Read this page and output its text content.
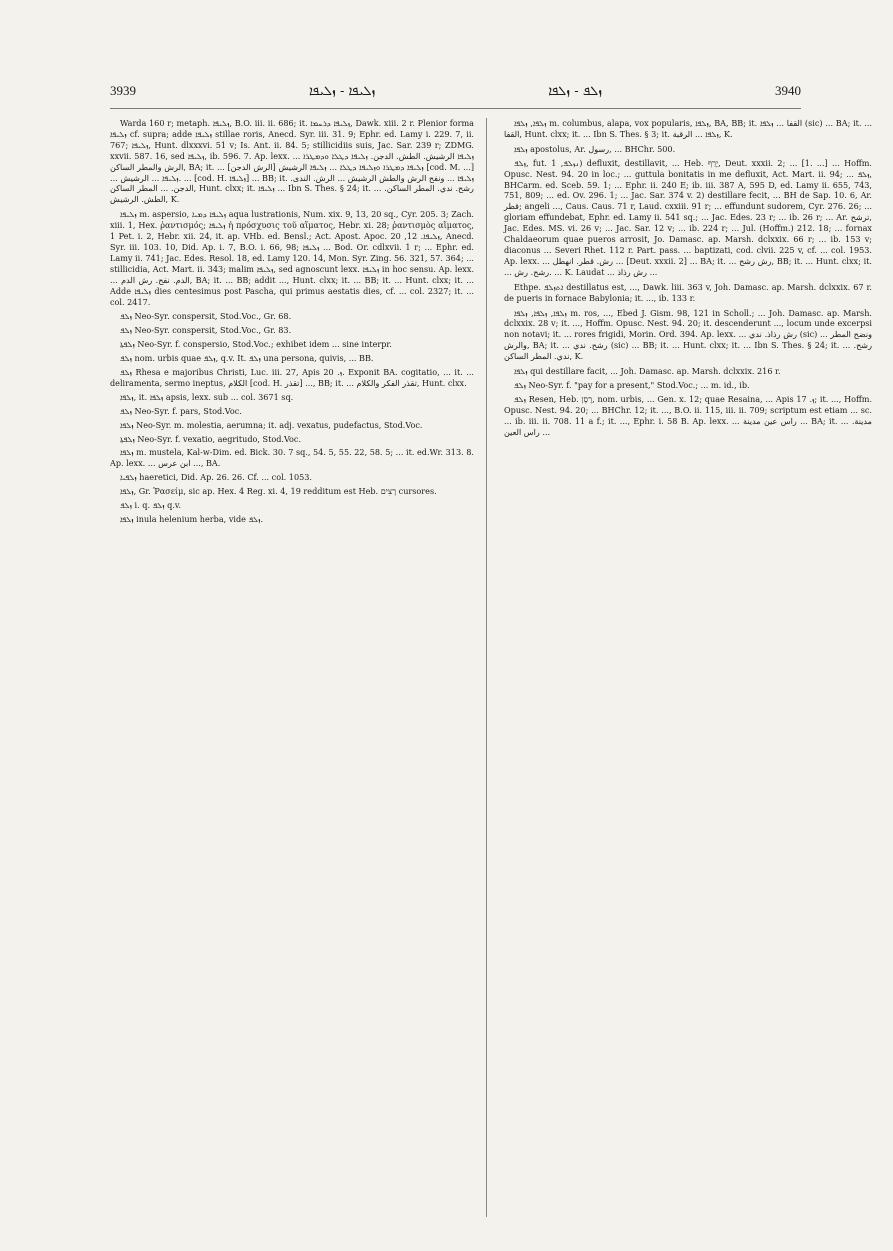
3939	ܙܠܝܦܐ - ܙܠܝܦܐ	ܙܠܦ - ܙܠܦܐ	3940

Warda 160 r; metaph. ܙܠܝܦܐ, B.O. iii. ii. 686; it. ܙܠܝܦܐ ܕܪܚܡܐ, Dawk. xiii. 2 r. Plenior forma ܙܠܝܦܐ cf. supra; adde ܙܠܝܦܐ stillae roris, Anecd. Syr. iii. 31. 9; Ephr. ed. Lamy i. 229. 7, ii. 767; ܙܠܝܦܐ, Hunt. dlxxxvi. 51 v; Is. Ant. ii. 84. 5; stillicidiis suis, Jac. Sar. 239 r; ZDMG. xxvii. 587. 16, sed ܙܠܝܦܐ, ib. 596. 7. Ap. lexx. ܙܠܝܦܐ الرشيش. الطش. الدجن. ܙܠܝܦܐ ܕܛܠܐ ܘܕܡܛܪܐ ... الرش والمطر الساكن, BA; it. ... ܙܠܝܦܐ ܕܡܛܪܐ ܘܙܠܝܦܐ ܕܛܠܐ ... ܙܠܝܦܐ الرشيش [الرش الدجن] [cod. M. ...] ... ܙܠܝܦܐ ... الرشيش. ... [cod. H. ܙܠܝܦܐ] ... BB; it. ܙܠܝܦܐ ... ونفح الرش والطش الرشيش ... الرش. الندى. الدجن. ... المطر الساكن, Hunt. clxx; it. ܙܠܝܦܐ ... Ibn S. Thes. § 24; it. ... رشح. ندي. المطر الساكن. الطش. الرشيش, K.

ܙܠܝܦܐ m. aspersio, ܙܠܝܦܐ ܕܡܝܐ aqua lustrationis, Num. xix. 9, 13, 20 sq., Cyr. 205. 3; Zach. xiii. 1, Hex. ῥαντισμός; ܙܠܝܦܐ ἡ πρόσχυσις τοῦ αἵματος, Hebr. xi. 28; ῥαντισμὸς αἵματος, 1 Pet. i. 2, Hebr. xii. 24, it. ap. VHb. ed. Bensl.; Act. Apost. Apoc. ܙܠܝܦܐ. 12, 20, Anecd. Syr. iii. 103. 10, Did. Ap. i. 7, B.O. i. 66, 98; ܙܠܝܦܐ ... Bod. Or. cdlxvii. 1 r; ... Ephr. ed. Lamy ii. 741; Jac. Edes. Resol. 18, ed. Lamy 120. 14, Mon. Syr. Zing. 56. 321, 57. 364; ... stillicidia, Act. Mart. ii. 343; malim ܙܠܝܦܐ, sed agnoscunt lexx. ܙܠܝܦܐ in hoc sensu. Ap. lexx. ... الدم. نفح. رش الدم, BA; it. ... BB; addit ..., Hunt. clxx; it. ... BB; it. ... Hunt. clxx; it. ... Adde ܙܠܝܦܐ dies centesimus post Pascha, qui primus aestatis dies, cf. ... col. 2327; it. ... col. 2417.

ܙܠܦ Neo-Syr. conspersit, Stod.Voc., Gr. 68.

ܙܠܦ Neo-Syr. conspersit, Stod.Voc., Gr. 83.

ܙܠܦܬܐ Neo-Syr. f. conspersio, Stod.Voc.; exhibet idem ... sine interpr.

ܙܠܦ nom. urbis quae ܙܠܦ, q.v. It. ܙܠܦ una persona, quivis, ... BB.

ܙܠܦ Rhesa e majoribus Christi, Luc. iii. 27, Apis ܙ. 20. Exponit BA. cogitatio, ... it. ... deliramenta, sermo ineptus, الكلام [cod. H. تقذر] ..., BB; it. ... تقذر الفكر والكلام, Hunt. clxx.

ܙܠܦܐ, it. ܙܠܦܐ apsis, lexx. sub ... col. 3671 sq.

ܙܠܦ Neo-Syr. f. pars, Stod.Voc.

ܙܠܦܐ Neo-Syr. m. molestia, aerumna; it. adj. vexatus, pudefactus, Stod.Voc.

ܙܠܦܬܐ Neo-Syr. f. vexatio, aegritudo, Stod.Voc.

ܙܠܦܐ m. mustela, Kal-w-Dim. ed. Bick. 30. 7 sq., 54. 5, 55. 22, 58. 5; ... it. ed.Wr. 313. 8. Ap. lexx. ... ابن عرس ..., BA.

ܙܠܦܝܐ haeretici, Did. Ap. 26. 26. Cf. ... col. 1053.

ܙܠܦܐ, Gr. Ῥασείμ, sic ap. Hex. 4 Reg. xi. 4, 19 redditum est Heb. רָצִים cursores.

ܙܠܦ i. q. ܙܠܦ q.v.

ܙܠܦܐ inula helenium herba, vide ܙܠܦ.

ܙܠܦܐ, ܙܠܦܐ m. columbus, alapa, vox popularis, ܙܠܦܐ, BA, BB; it. القفا ... ܙܠܦܐ (sic) ... BA; it. ... القفا, Hunt. clxx; it. ... Ibn S. Thes. § 3; it. ܙܠܦܐ ... الرقبة, K.

ܙܠܦܐ apostolus, Ar. رسول, ... BHChr. 500.

ܙܠܦ, fut. ܢܙܠܦ, 1) defluxit, destillavit, ... Heb. יָרַף, Deut. xxxii. 2; ... [1. ...] ... Hoffm. Opusc. Nest. 94. 20 in loc.; ... guttula bonitatis in me defluxit, Act. Mart. ii. 94; ... ܙܠܦ, BHCarm. ed. Sceb. 59. 1; ... Ephr. ii. 240 E; ib. iii. 387 A, 595 D, ed. Lamy ii. 655, 743, 751, 809; ... ed. Ov. 296. 1; ... Jac. Sar. 374 v. 2) destillare fecit, ... BH de Sap. 10. 6, Ar. قطر; angeli ..., Caus. Caus. 71 r, Laud. cxxiii. 91 r; ... effundunt sudorem, Cyr. 276. 26; ... gloriam effundebat, Ephr. ed. Lamy ii. 541 sq.; ... Jac. Edes. 23 r; ... ib. 26 r; ... Ar. ترشح, Jac. Edes. MS. vi. 26 v; ... Jac. Sar. 12 v; ... ib. 224 r; ... Jul. (Hoffm.) 212. 18; ... fornax Chaldaeorum quae pueros arrosit, Jo. Damasc. ap. Marsh. dclxxix. 66 r; ... ib. 153 v; diaconus ... Severi Rhet. 112 r. Part. pass. ... baptizati, cod. clvii. 225 v, cf. ... col. 1953. Ap. lexx. ... رش. قطر. انهطل ... [Deut. xxxii. 2] ... BA; it. ... رش رشح, BB; it. ... Hunt. clxx; it. ... رشح. رش. ... K. Laudat ... رش رذاذ ...

Ethpe. ܐܬܙܠܦ destillatus est, ..., Dawk. liii. 363 v, Joh. Damasc. ap. Marsh. dclxxix. 67 r. de pueris in fornace Babylonia; it. ..., ib. 133 r.

ܙܠܦܐ, ܙܠܦܐ, ܙܠܦܐ m. ros, ..., Ebed J. Gism. 98, 121 in Scholl.; ... Joh. Damasc. ap. Marsh. dclxxix. 28 v; it. ..., Hoffm. Opusc. Nest. 94. 20; it. descenderunt ..., locum unde excerpsi non notavi; it. ... rores frigidi, Morin. Ord. 394. Ap. lexx. ... رش رذاذ. ندي (sic) ... ونضح المطر والرش, BA; it. ... رشح. ندي (sic) ... BB; it. ... Hunt. clxx; it. ... Ibn S. Thes. § 24; it. ... رشح. ندي. المطر الساكن, K.

ܙܠܦܐ qui destillare facit, ... Joh. Damasc. ap. Marsh. dclxxix. 216 r.

ܙܠܦ Neo-Syr. f. "pay for a present," Stod.Voc.; ... m. id., ib.

ܙܠܦ Resen, Heb. רֶסֶן, nom. urbis, ... Gen. x. 12; quae Resaina, ... Apis ܙ. 17; it. ..., Hoffm. Opusc. Nest. 94. 20; ... BHChr. 12; it. ..., B.O. ii. 115, iii. ii. 709; scriptum est etiam ... sc. ... ib. iii. ii. 708. 11 a f.; it. ..., Ephr. i. 58 B. Ap. lexx. ... راس عين مدينة ... BA; it. ... مدينة. راس العين ...
